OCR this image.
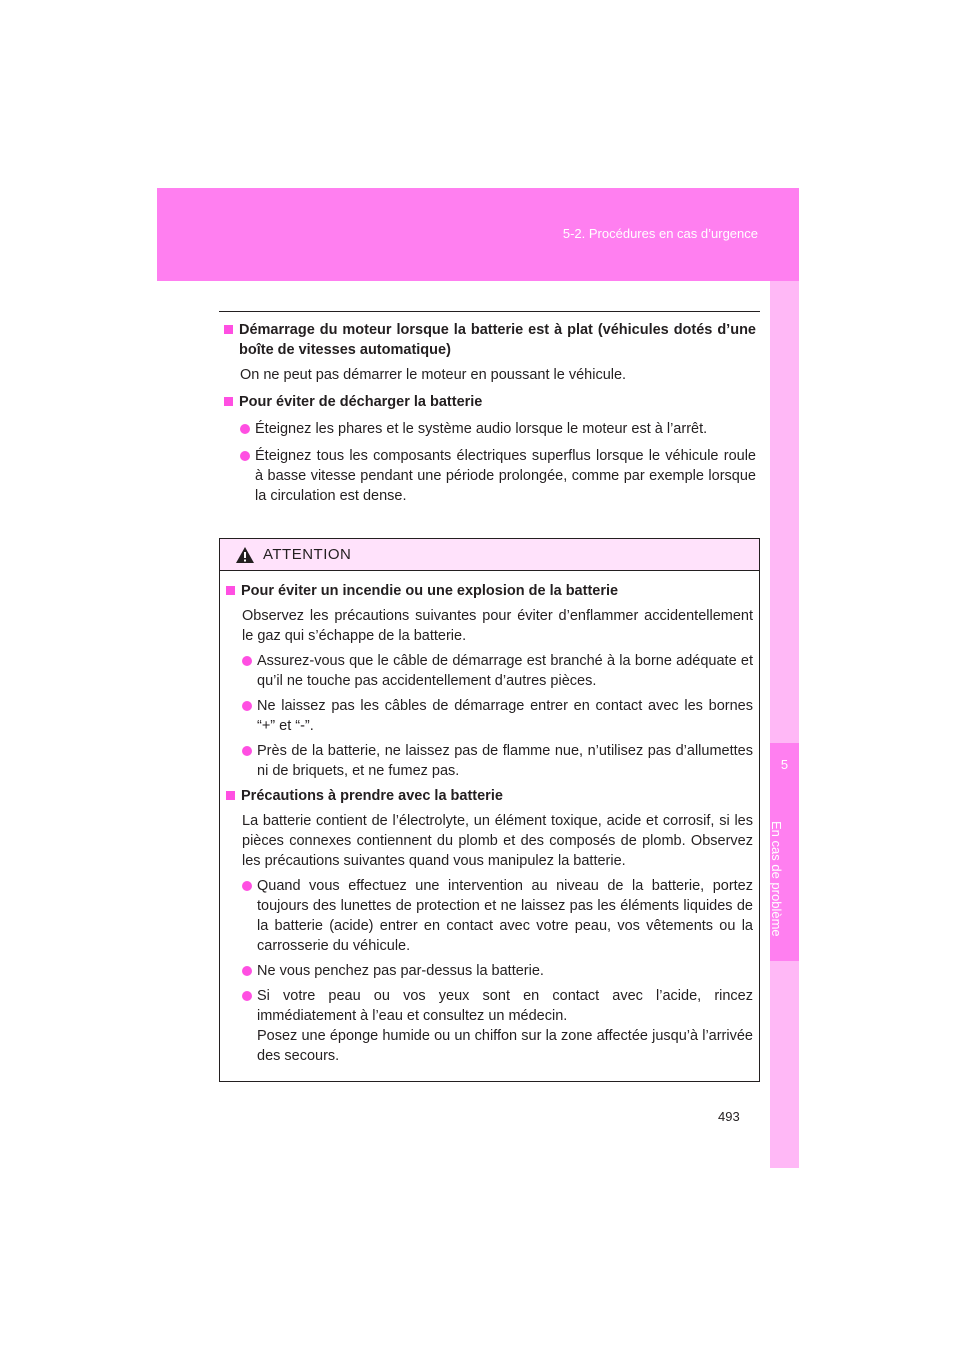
5-2. Procédures en cas d’urgence
5
En cas de problème
Démarrage du moteur lorsque la batterie est à plat (véhicules dotés d’une boîte de vitesses automatique)
On ne peut pas démarrer le moteur en poussant le véhicule.
Pour éviter de décharger la batterie
Éteignez les phares et le système audio lorsque le moteur est à l’arrêt.
Éteignez tous les composants électriques superflus lorsque le véhicule roule à basse vitesse pendant une période prolongée, comme par exemple lorsque la circulation est dense.
ATTENTION
Pour éviter un incendie ou une explosion de la batterie
Observez les précautions suivantes pour éviter d’enflammer accidentellement le gaz qui s’échappe de la batterie.
Assurez-vous que le câble de démarrage est branché à la borne adéquate et qu’il ne touche pas accidentellement d’autres pièces.
Ne laissez pas les câbles de démarrage entrer en contact avec les bornes “+” et “-”.
Près de la batterie, ne laissez pas de flamme nue, n’utilisez pas d’allumettes ni de briquets, et ne fumez pas.
Précautions à prendre avec la batterie
La batterie contient de l’électrolyte, un élément toxique, acide et corrosif, si les pièces connexes contiennent du plomb et des composés de plomb. Observez les précautions suivantes quand vous manipulez la batterie.
Quand vous effectuez une intervention au niveau de la batterie, portez toujours des lunettes de protection et ne laissez pas les éléments liquides de la batterie (acide) entrer en contact avec votre peau, vos vêtements ou la carrosserie du véhicule.
Ne vous penchez pas par-dessus la batterie.
Si votre peau ou vos yeux sont en contact avec l’acide, rincez immédiatement à l’eau et consultez un médecin.
Posez une éponge humide ou un chiffon sur la zone affectée jusqu’à l’arrivée des secours.
493
